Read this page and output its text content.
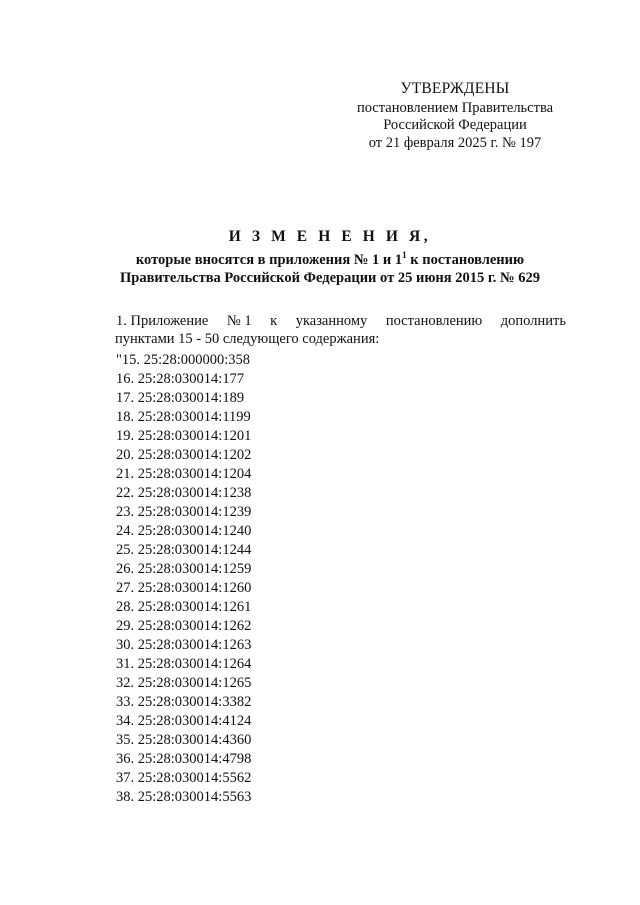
УТВЕРЖДЕНЫ
постановлением Правительства
Российской Федерации
от 21 февраля 2025 г. № 197
И З М Е Н Е Н И Я,
которые вносятся в приложения № 1 и $1^1$ к постановлению
Правительства Российской Федерации от 25 июня 2015 г. № 629
1. Приложение № 1 к указанному постановлению дополнить
пунктами 15 - 50 следующего содержания:
"15. 25:28:000000:358
16. 25:28:030014:177
17. 25:28:030014:189
18. 25:28:030014:1199
19. 25:28:030014:1201
20. 25:28:030014:1202
21. 25:28:030014:1204
22. 25:28:030014:1238
23. 25:28:030014:1239
24. 25:28:030014:1240
25. 25:28:030014:1244
26. 25:28:030014:1259
27. 25:28:030014:1260
28. 25:28:030014:1261
29. 25:28:030014:1262
30. 25:28:030014:1263
31. 25:28:030014:1264
32. 25:28:030014:1265
33. 25:28:030014:3382
34. 25:28:030014:4124
35. 25:28:030014:4360
36. 25:28:030014:4798
37. 25:28:030014:5562
38. 25:28:030014:5563
